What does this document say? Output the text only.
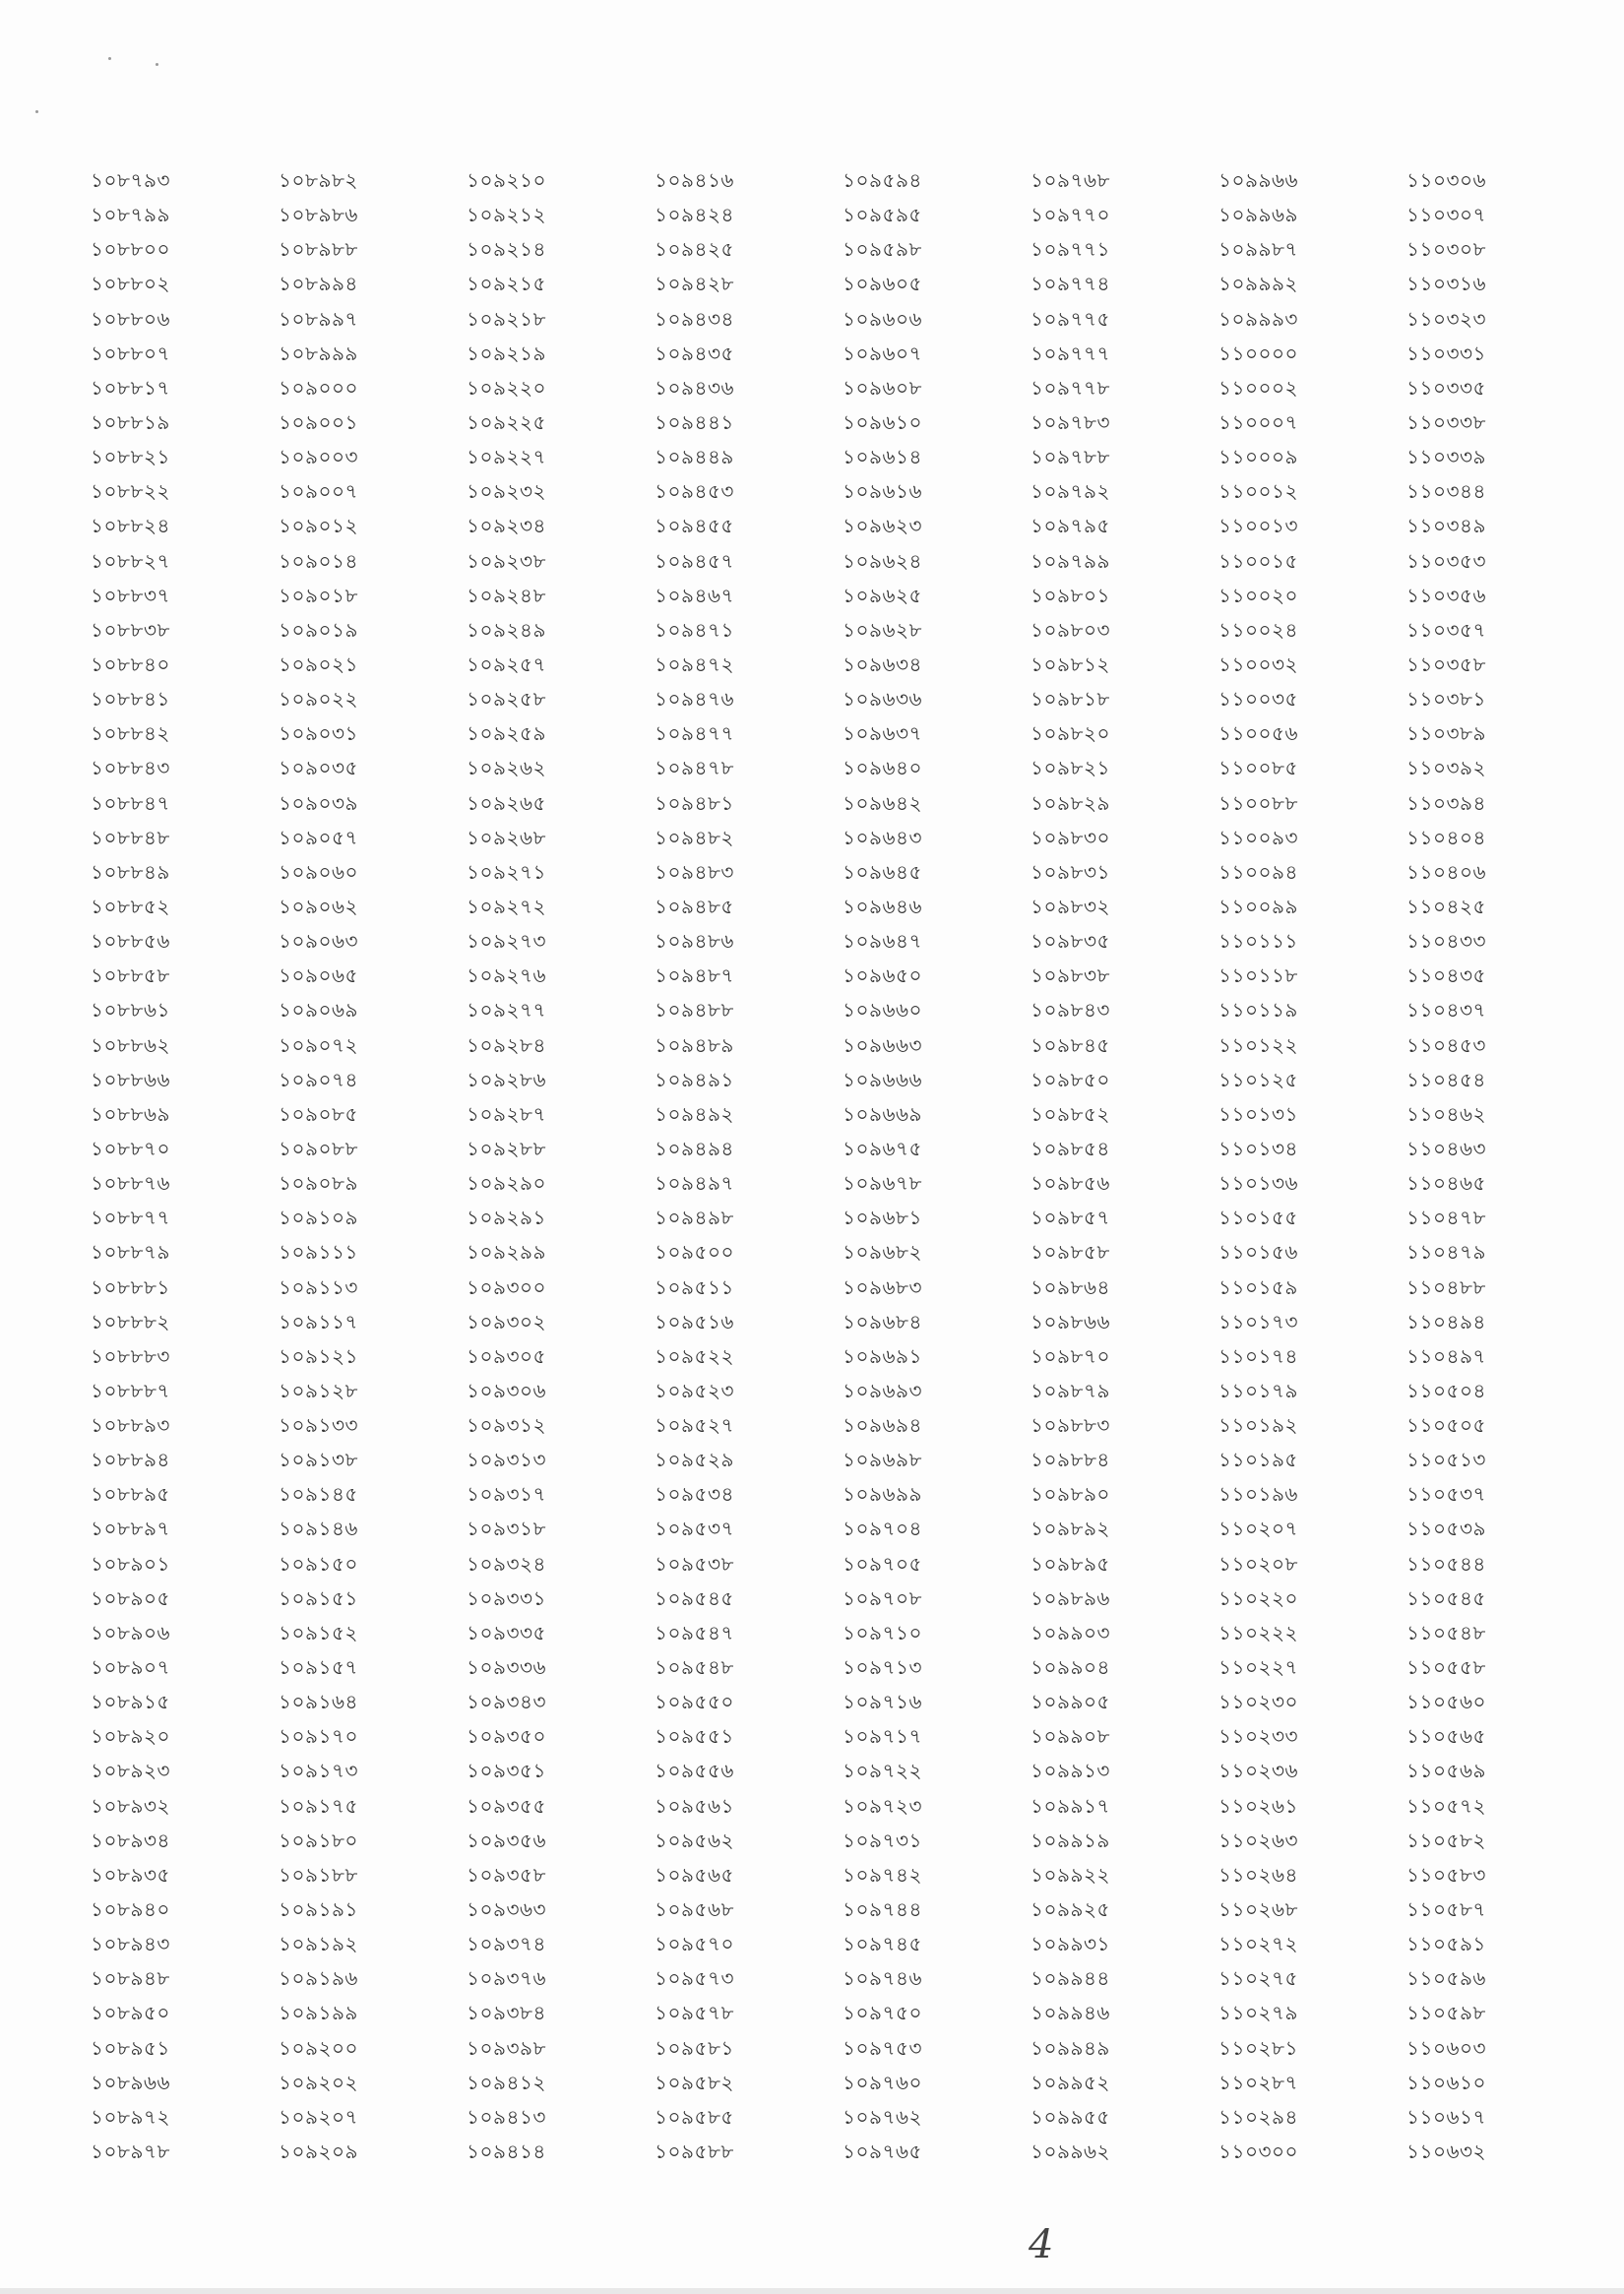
১০৮৭৯৩
১০৮৭৯৯
১০৮৮০০
১০৮৮০২
১০৮৮০৬
১০৮৮০৭
১০৮৮১৭
১০৮৮১৯
১০৮৮২১
১০৮৮২২
১০৮৮২৪
১০৮৮২৭
১০৮৮৩৭
১০৮৮৩৮
১০৮৮৪০
১০৮৮৪১
১০৮৮৪২
১০৮৮৪৩
১০৮৮৪৭
১০৮৮৪৮
১০৮৮৪৯
১০৮৮৫২
১০৮৮৫৬
১০৮৮৫৮
১০৮৮৬১
১০৮৮৬২
১০৮৮৬৬
১০৮৮৬৯
১০৮৮৭০
১০৮৮৭৬
১০৮৮৭৭
১০৮৮৭৯
১০৮৮৮১
১০৮৮৮২
১০৮৮৮৩
১০৮৮৮৭
১০৮৮৯৩
১০৮৮৯৪
১০৮৮৯৫
১০৮৮৯৭
১০৮৯০১
১০৮৯০৫
১০৮৯০৬
১০৮৯০৭
১০৮৯১৫
১০৮৯২০
১০৮৯২৩
১০৮৯৩২
১০৮৯৩৪
১০৮৯৩৫
১০৮৯৪০
১০৮৯৪৩
১০৮৯৪৮
১০৮৯৫০
১০৮৯৫১
১০৮৯৬৬
১০৮৯৭২
১০৮৯৭৮
১০৮৯৮২
১০৮৯৮৬
১০৮৯৮৮
১০৮৯৯৪
১০৮৯৯৭
১০৮৯৯৯
১০৯০০০
১০৯০০১
১০৯০০৩
১০৯০০৭
১০৯০১২
১০৯০১৪
১০৯০১৮
১০৯০১৯
১০৯০২১
১০৯০২২
১০৯০৩১
১০৯০৩৫
১০৯০৩৯
১০৯০৫৭
১০৯০৬০
১০৯০৬২
১০৯০৬৩
১০৯০৬৫
১০৯০৬৯
১০৯০৭২
১০৯০৭৪
১০৯০৮৫
১০৯০৮৮
১০৯০৮৯
১০৯১০৯
১০৯১১১
১০৯১১৩
১০৯১১৭
১০৯১২১
১০৯১২৮
১০৯১৩৩
১০৯১৩৮
১০৯১৪৫
১০৯১৪৬
১০৯১৫০
১০৯১৫১
১০৯১৫২
১০৯১৫৭
১০৯১৬৪
১০৯১৭০
১০৯১৭৩
১০৯১৭৫
১০৯১৮০
১০৯১৮৮
১০৯১৯১
১০৯১৯২
১০৯১৯৬
১০৯১৯৯
১০৯২০০
১০৯২০২
১০৯২০৭
১০৯২০৯
১০৯২১০
১০৯২১২
১০৯২১৪
১০৯২১৫
১০৯২১৮
১০৯২১৯
১০৯২২০
১০৯২২৫
১০৯২২৭
১০৯২৩২
১০৯২৩৪
১০৯২৩৮
১০৯২৪৮
১০৯২৪৯
১০৯২৫৭
১০৯২৫৮
১০৯২৫৯
১০৯২৬২
১০৯২৬৫
১০৯২৬৮
১০৯২৭১
১০৯২৭২
১০৯২৭৩
১০৯২৭৬
১০৯২৭৭
১০৯২৮৪
১০৯২৮৬
১০৯২৮৭
১০৯২৮৮
১০৯২৯০
১০৯২৯১
১০৯২৯৯
১০৯৩০০
১০৯৩০২
১০৯৩০৫
১০৯৩০৬
১০৯৩১২
১০৯৩১৩
১০৯৩১৭
১০৯৩১৮
১০৯৩২৪
১০৯৩৩১
১০৯৩৩৫
১০৯৩৩৬
১০৯৩৪৩
১০৯৩৫০
১০৯৩৫১
১০৯৩৫৫
১০৯৩৫৬
১০৯৩৫৮
১০৯৩৬৩
১০৯৩৭৪
১০৯৩৭৬
১০৯৩৮৪
১০৯৩৯৮
১০৯৪১২
১০৯৪১৩
১০৯৪১৪
১০৯৪১৬
১০৯৪২৪
১০৯৪২৫
১০৯৪২৮
১০৯৪৩৪
১০৯৪৩৫
১০৯৪৩৬
১০৯৪৪১
১০৯৪৪৯
১০৯৪৫৩
১০৯৪৫৫
১০৯৪৫৭
১০৯৪৬৭
১০৯৪৭১
১০৯৪৭২
১০৯৪৭৬
১০৯৪৭৭
১০৯৪৭৮
১০৯৪৮১
১০৯৪৮২
১০৯৪৮৩
১০৯৪৮৫
১০৯৪৮৬
১০৯৪৮৭
১০৯৪৮৮
১০৯৪৮৯
১০৯৪৯১
১০৯৪৯২
১০৯৪৯৪
১০৯৪৯৭
১০৯৪৯৮
১০৯৫০০
১০৯৫১১
১০৯৫১৬
১০৯৫২২
১০৯৫২৩
১০৯৫২৭
১০৯৫২৯
১০৯৫৩৪
১০৯৫৩৭
১০৯৫৩৮
১০৯৫৪৫
১০৯৫৪৭
১০৯৫৪৮
১০৯৫৫০
১০৯৫৫১
১০৯৫৫৬
১০৯৫৬১
১০৯৫৬২
১০৯৫৬৫
১০৯৫৬৮
১০৯৫৭০
১০৯৫৭৩
১০৯৫৭৮
১০৯৫৮১
১০৯৫৮২
১০৯৫৮৫
১০৯৫৮৮
১০৯৫৯৪
১০৯৫৯৫
১০৯৫৯৮
১০৯৬০৫
১০৯৬০৬
১০৯৬০৭
১০৯৬০৮
১০৯৬১০
১০৯৬১৪
১০৯৬১৬
১০৯৬২৩
১০৯৬২৪
১০৯৬২৫
১০৯৬২৮
১০৯৬৩৪
১০৯৬৩৬
১০৯৬৩৭
১০৯৬৪০
১০৯৬৪২
১০৯৬৪৩
১০৯৬৪৫
১০৯৬৪৬
১০৯৬৪৭
১০৯৬৫০
১০৯৬৬০
১০৯৬৬৩
১০৯৬৬৬
১০৯৬৬৯
১০৯৬৭৫
১০৯৬৭৮
১০৯৬৮১
১০৯৬৮২
১০৯৬৮৩
১০৯৬৮৪
১০৯৬৯১
১০৯৬৯৩
১০৯৬৯৪
১০৯৬৯৮
১০৯৬৯৯
১০৯৭০৪
১০৯৭০৫
১০৯৭০৮
১০৯৭১০
১০৯৭১৩
১০৯৭১৬
১০৯৭১৭
১০৯৭২২
১০৯৭২৩
১০৯৭৩১
১০৯৭৪২
১০৯৭৪৪
১০৯৭৪৫
১০৯৭৪৬
১০৯৭৫০
১০৯৭৫৩
১০৯৭৬০
১০৯৭৬২
১০৯৭৬৫
১০৯৭৬৮
১০৯৭৭০
১০৯৭৭১
১০৯৭৭৪
১০৯৭৭৫
১০৯৭৭৭
১০৯৭৭৮
১০৯৭৮৩
১০৯৭৮৮
১০৯৭৯২
১০৯৭৯৫
১০৯৭৯৯
১০৯৮০১
১০৯৮০৩
১০৯৮১২
১০৯৮১৮
১০৯৮২০
১০৯৮২১
১০৯৮২৯
১০৯৮৩০
১০৯৮৩১
১০৯৮৩২
১০৯৮৩৫
১০৯৮৩৮
১০৯৮৪৩
১০৯৮৪৫
১০৯৮৫০
১০৯৮৫২
১০৯৮৫৪
১০৯৮৫৬
১০৯৮৫৭
১০৯৮৫৮
১০৯৮৬৪
১০৯৮৬৬
১০৯৮৭০
১০৯৮৭৯
১০৯৮৮৩
১০৯৮৮৪
১০৯৮৯০
১০৯৮৯২
১০৯৮৯৫
১০৯৮৯৬
১০৯৯০৩
১০৯৯০৪
১০৯৯০৫
১০৯৯০৮
১০৯৯১৩
১০৯৯১৭
১০৯৯১৯
১০৯৯২২
১০৯৯২৫
১০৯৯৩১
১০৯৯৪৪
১০৯৯৪৬
১০৯৯৪৯
১০৯৯৫২
১০৯৯৫৫
১০৯৯৬২
১০৯৯৬৬
১০৯৯৬৯
১০৯৯৮৭
১০৯৯৯২
১০৯৯৯৩
১১০০০০
১১০০০২
১১০০০৭
১১০০০৯
১১০০১২
১১০০১৩
১১০০১৫
১১০০২০
১১০০২৪
১১০০৩২
১১০০৩৫
১১০০৫৬
১১০০৮৫
১১০০৮৮
১১০০৯৩
১১০০৯৪
১১০০৯৯
১১০১১১
১১০১১৮
১১০১১৯
১১০১২২
১১০১২৫
১১০১৩১
১১০১৩৪
১১০১৩৬
১১০১৫৫
১১০১৫৬
১১০১৫৯
১১০১৭৩
১১০১৭৪
১১০১৭৯
১১০১৯২
১১০১৯৫
১১০১৯৬
১১০২০৭
১১০২০৮
১১০২২০
১১০২২২
১১০২২৭
১১০২৩০
১১০২৩৩
১১০২৩৬
১১০২৬১
১১০২৬৩
১১০২৬৪
১১০২৬৮
১১০২৭২
১১০২৭৫
১১০২৭৯
১১০২৮১
১১০২৮৭
১১০২৯৪
১১০৩০০
১১০৩০৬
১১০৩০৭
১১০৩০৮
১১০৩১৬
১১০৩২৩
১১০৩৩১
১১০৩৩৫
১১০৩৩৮
১১০৩৩৯
১১০৩৪৪
১১০৩৪৯
১১০৩৫৩
১১০৩৫৬
১১০৩৫৭
১১০৩৫৮
১১০৩৮১
১১০৩৮৯
১১০৩৯২
১১০৩৯৪
১১০৪০৪
১১০৪০৬
১১০৪২৫
১১০৪৩৩
১১০৪৩৫
১১০৪৩৭
১১০৪৫৩
১১০৪৫৪
১১০৪৬২
১১০৪৬৩
১১০৪৬৫
১১০৪৭৮
১১০৪৭৯
১১০৪৮৮
১১০৪৯৪
১১০৪৯৭
১১০৫০৪
১১০৫০৫
১১০৫১৩
১১০৫৩৭
১১০৫৩৯
১১০৫৪৪
১১০৫৪৫
১১০৫৪৮
১১০৫৫৮
১১০৫৬০
১১০৫৬৫
১১০৫৬৯
১১০৫৭২
১১০৫৮২
১১০৫৮৩
১১০৫৮৭
১১০৫৯১
১১০৫৯৬
১১০৫৯৮
১১০৬০৩
১১০৬১০
১১০৬১৭
১১০৬৩২
4
